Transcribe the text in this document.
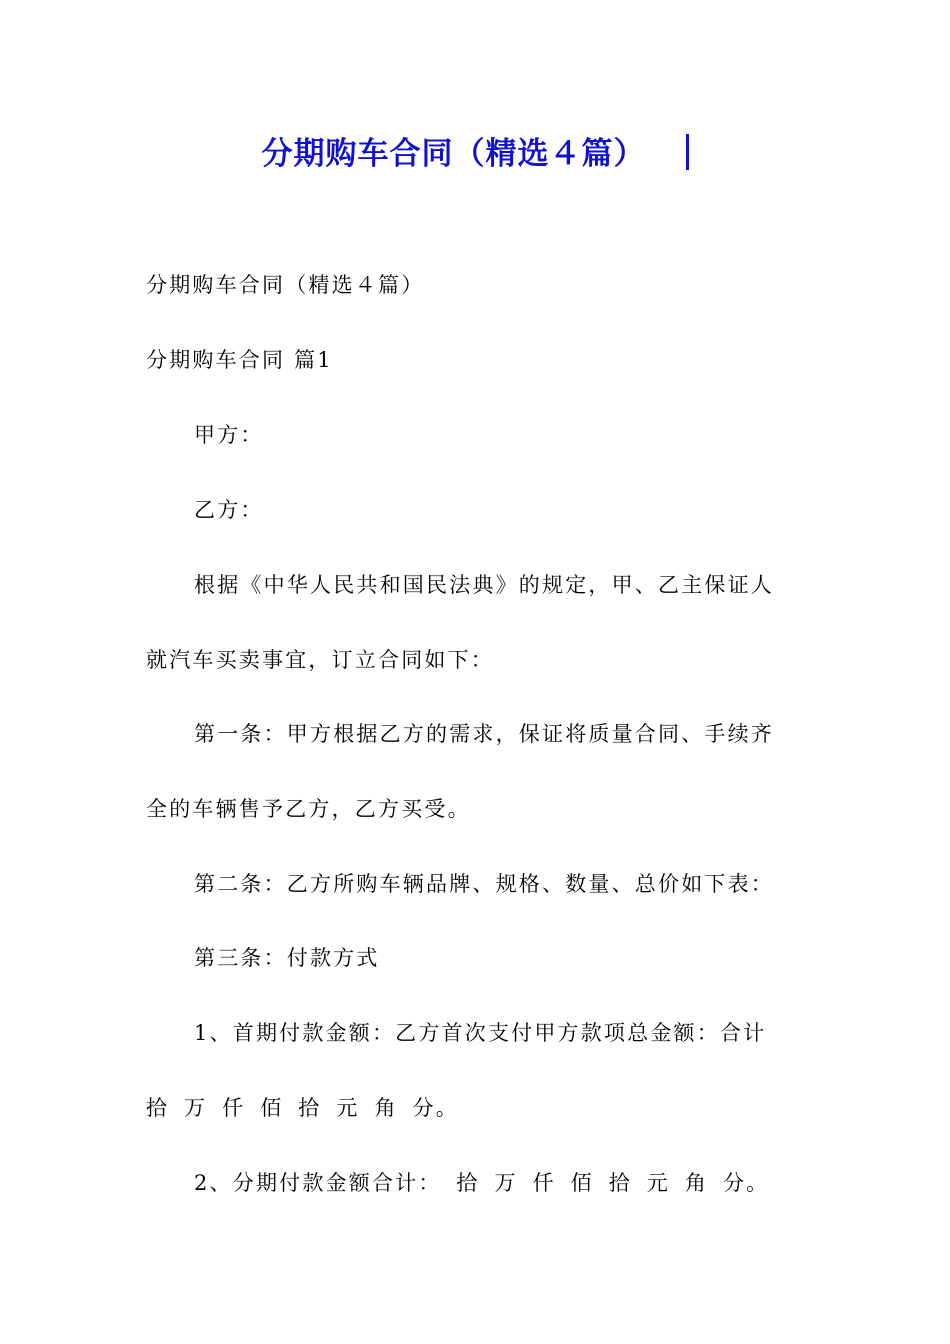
分期购车合同（精选４篇）
分期购车合同（精选４篇）
分期购车合同 篇1
甲方：
乙方：
根据《中华人民共和国民法典》的规定，甲、乙主保证人
就汽车买卖事宜，订立合同如下：
第一条：甲方根据乙方的需求，保证将质量合同、手续齐
全的车辆售予乙方，乙方买受。
第二条：乙方所购车辆品牌、规格、数量、总价如下表：
第三条：付款方式
1、首期付款金额：乙方首次支付甲方款项总金额：合计
拾 万 仟 佰 拾 元 角 分。
2、分期付款金额合计： 拾 万 仟 佰 拾 元 角 分。
